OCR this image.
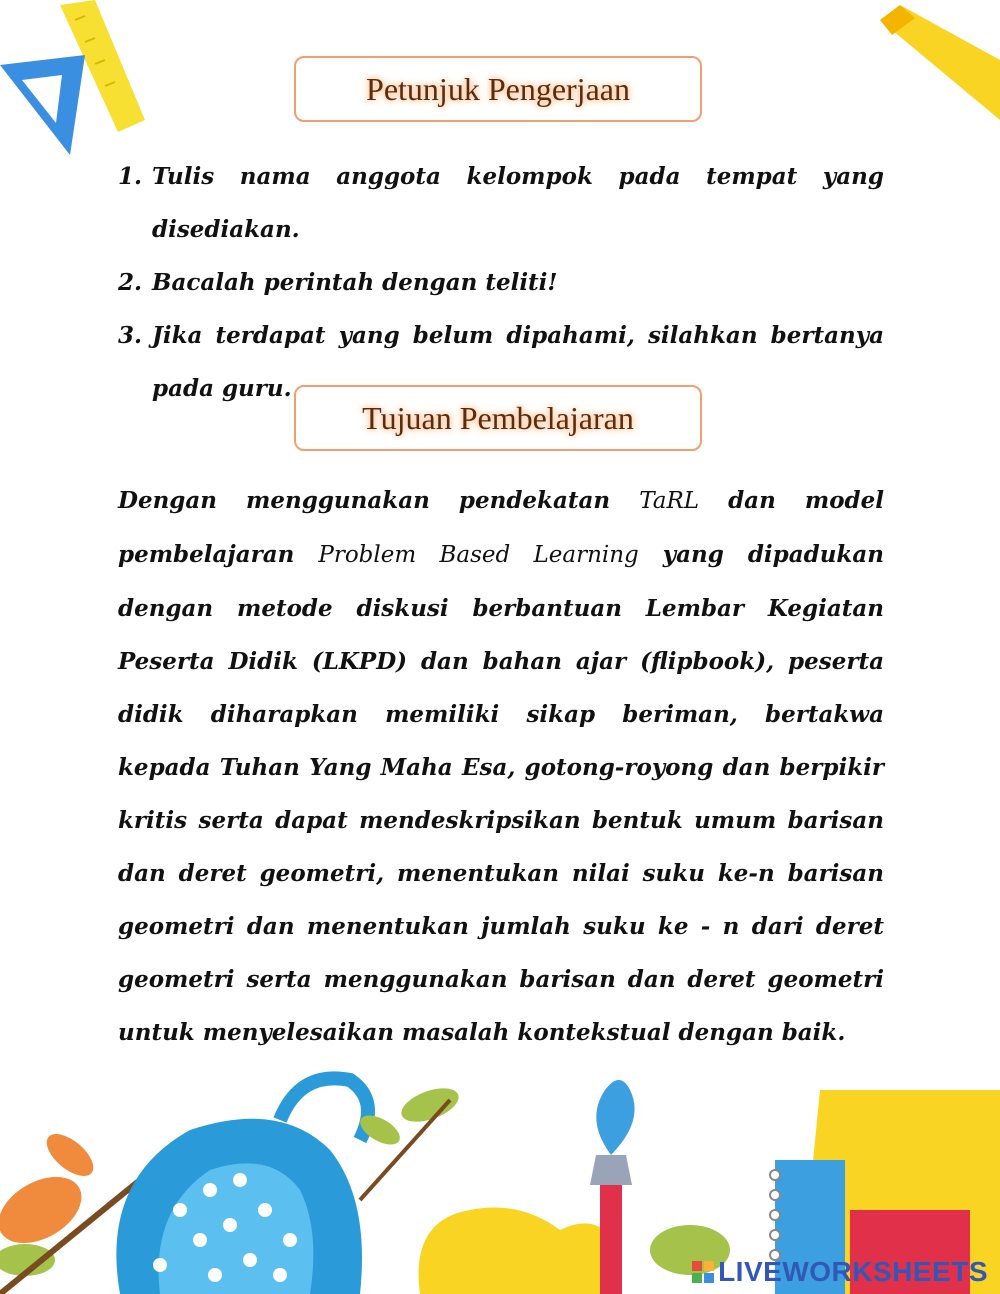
Petunjuk Pengerjaan
1. Tulis nama anggota kelompok pada tempat yang disediakan.
2. Bacalah perintah dengan teliti!
3. Jika terdapat yang belum dipahami, silahkan bertanya pada guru.
Tujuan Pembelajaran

Dengan menggunakan pendekatan TaRL dan model pembelajaran Problem Based Learning yang dipadukan dengan metode diskusi berbantuan Lembar Kegiatan Peserta Didik (LKPD) dan bahan ajar (flipbook), peserta didik diharapkan memiliki sikap beriman, bertakwa kepada Tuhan Yang Maha Esa, gotong-royong dan berpikir kritis serta dapat mendeskripsikan bentuk umum barisan dan deret geometri, menentukan nilai suku ke-n barisan geometri dan menentukan jumlah suku ke - n dari deret geometri serta menggunakan barisan dan deret geometri untuk menyelesaikan masalah kontekstual dengan baik.

LIVEWORKSHEETS
